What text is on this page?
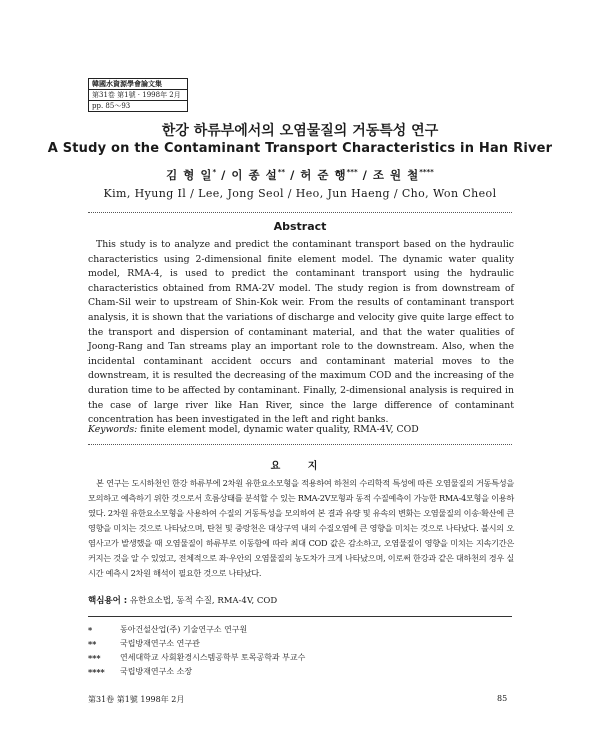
韓國水資源學會論文集
第31卷 第1號 · 1998年 2月
pp. 85～93
한강 하류부에서의 오염물질의 거동특성 연구
A Study on the Contaminant Transport Characteristics in Han River
김 형 일* / 이 종 설** / 허 준 행*** / 조 원 철****
Kim, Hyung Il / Lee, Jong Seol / Heo, Jun Haeng / Cho, Won Cheol
Abstract
This study is to analyze and predict the contaminant transport based on the hydraulic characteristics using 2-dimensional finite element model. The dynamic water quality model, RMA-4, is used to predict the contaminant transport using the hydraulic characteristics obtained from RMA-2V model. The study region is from downstream of Cham-Sil weir to upstream of Shin-Kok weir. From the results of contaminant transport analysis, it is shown that the variations of discharge and velocity give quite large effect to the transport and dispersion of contaminant material, and that the water qualities of Joong-Rang and Tan streams play an important role to the downstream. Also, when the incidental contaminant accident occurs and contaminant material moves to the downstream, it is resulted the decreasing of the maximum COD and the increasing of the duration time to be affected by contaminant. Finally, 2-dimensional analysis is required in the case of large river like Han River, since the large difference of contaminant concentration has been investigated in the left and right banks.
Keywords: finite element model, dynamic water quality, RMA-4V, COD
요 지
본 연구는 도시하천인 한강 하류부에 2차원 유한요소모형을 적용하여 하천의 수리학적 특성에 따른 오염물질의 거동특성을 모의하고 예측하기 위한 것으로서 흐름상태를 분석할 수 있는 RMA-2V모형과 동적 수질예측이 가능한 RMA-4모형을 이용하였다. 2차원 유한요소모형을 사용하여 수질의 거동특성을 모의하여 본 결과 유량 및 유속의 변화는 오염물질의 이송·확산에 큰 영향을 미치는 것으로 나타났으며, 탄천 및 중랑천은 대상구역 내의 수질오염에 큰 영향을 미치는 것으로 나타났다. 불시의 오염사고가 발생했을 때 오염물질이 하류부로 이동함에 따라 최대 COD 값은 감소하고, 오염물질이 영향을 미치는 지속기간은 커지는 것을 알 수 있었고, 전체적으로 좌·우안의 오염물질의 농도차가 크게 나타났으며, 이로써 한강과 같은 대하천의 경우 실시간 예측시 2차원 해석이 필요한 것으로 나타났다.
핵심용어 : 유한요소법, 동적 수질, RMA-4V, COD
*	동아건설산업(주) 기술연구소 연구원
**	국립방재연구소 연구관
***	연세대학교 사회환경시스템공학부 토목공학과 부교수
****	국립방재연구소 소장
第31卷 第1號 1998年 2月	85
